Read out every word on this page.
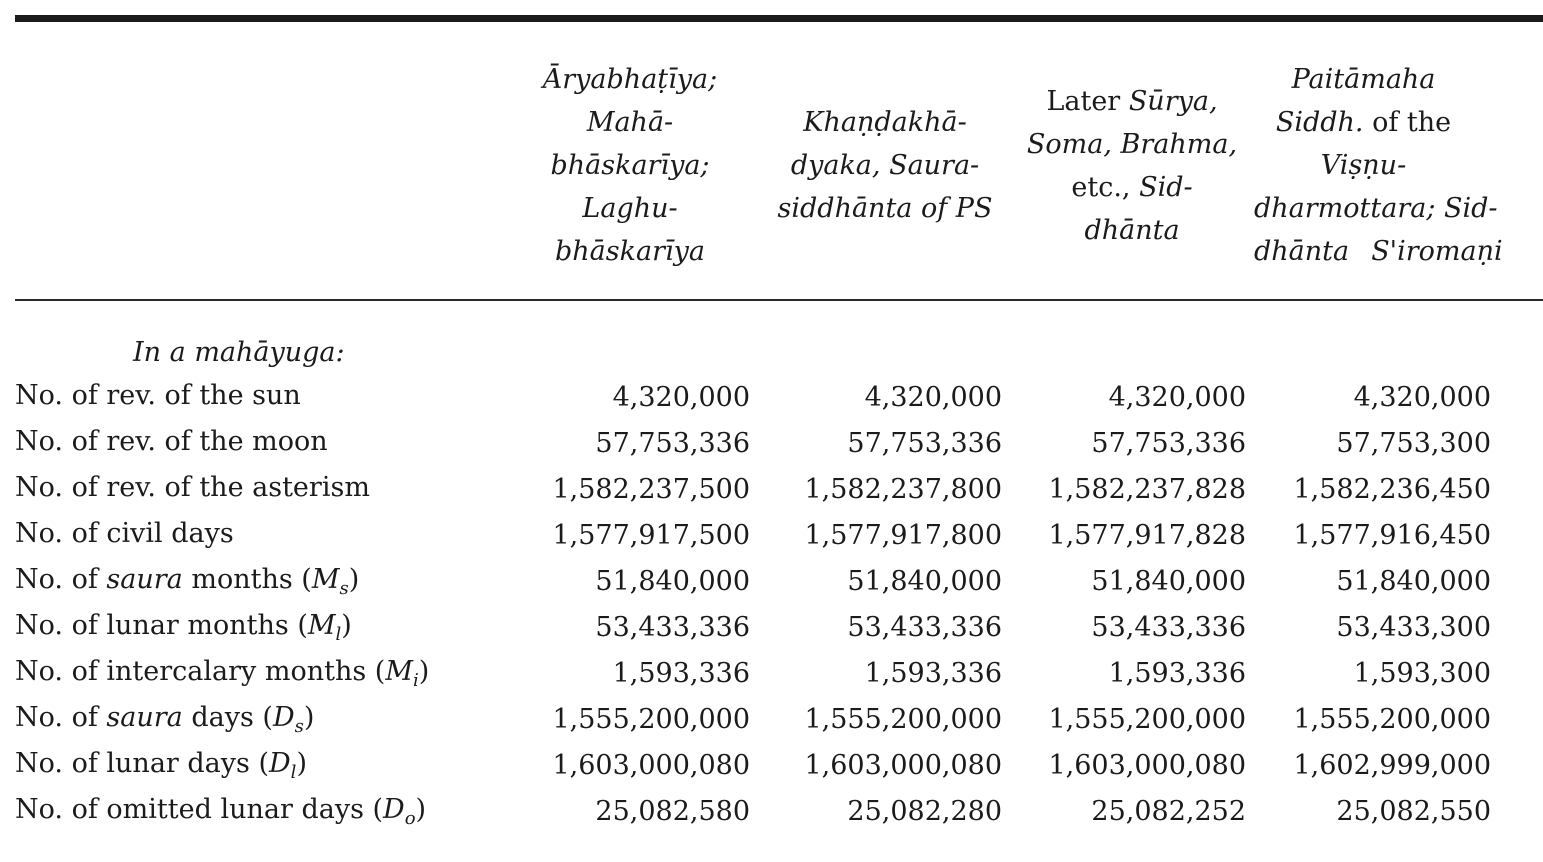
Āryabhaṭīya;
Mahā-
bhāskarīya;
Laghu-
bhāskarīya

Khaṇḍakhā-
dyaka, Saura-
siddhānta of PS

Later Sūrya,
Soma, Brahma,
etc., Sid-
dhānta

Paitāmaha
Siddh. of the
Viṣṇu-
dharmottara; Sid-
dhānta  S'iromaṇi

In a mahāyuga:				
No. of rev. of the sun	4,320,000	4,320,000	4,320,000	4,320,000
No. of rev. of the moon	57,753,336	57,753,336	57,753,336	57,753,300
No. of rev. of the asterism	1,582,237,500	1,582,237,800	1,582,237,828	1,582,236,450
No. of civil days	1,577,917,500	1,577,917,800	1,577,917,828	1,577,916,450
No. of saura months $(M_s)$	51,840,000	51,840,000	51,840,000	51,840,000
No. of lunar months $(M_l)$	53,433,336	53,433,336	53,433,336	53,433,300
No. of intercalary months $(M_i)$	1,593,336	1,593,336	1,593,336	1,593,300
No. of saura days $(D_s)$	1,555,200,000	1,555,200,000	1,555,200,000	1,555,200,000
No. of lunar days $(D_l)$	1,603,000,080	1,603,000,080	1,603,000,080	1,602,999,000
No. of omitted lunar days $(D_o)$	25,082,580	25,082,280	25,082,252	25,082,550
